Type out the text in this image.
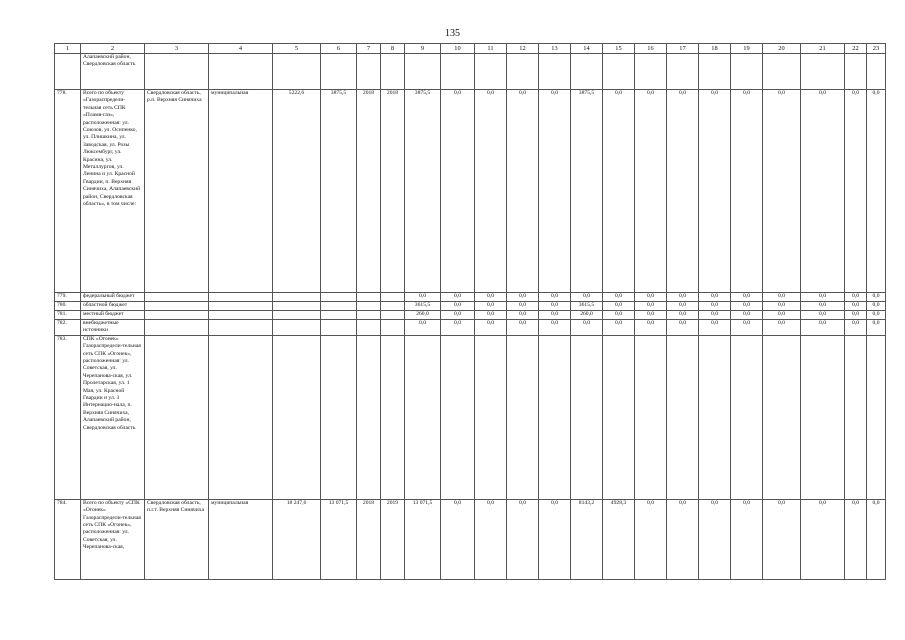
135
1	2	3	4	5	6	7	8	9	10	11	12	13	14	15	16	17	18	19	20	21	22	23
	Алапаевский район, Свердловская область																					
778.	Всего по объекту «Газораспредели-тельная сеть СПК «Пламя-газ», расположенная: ул. Союзов, ул. Осипенко, ул. Плишкина, ул. Заводская, ул. Розы Люксембург, ул. Красина, ул. Металлургов, ул. Ленина и ул. Красной Гвардии, п. Верхняя Синячиха, Алапаевский район, Свердловская область», в том числе:	Свердловская область, р.п. Верхняя Синячиха	муниципальная	5222,6	3875,5	2018	2018	3875,5	0,0	0,0	0,0	0,0	3875,5	0,0	0,0	0,0	0,0	0,0	0,0	0,0	0,0	0,0
779.	федеральный бюджет							0,0	0,0	0,0	0,0	0,0	0,0	0,0	0,0	0,0	0,0	0,0	0,0	0,0	0,0	0,0
780.	областной бюджет							3615,5	0,0	0,0	0,0	0,0	3615,5	0,0	0,0	0,0	0,0	0,0	0,0	0,0	0,0	0,0
781.	местный бюджет							260,0	0,0	0,0	0,0	0,0	260,0	0,0	0,0	0,0	0,0	0,0	0,0	0,0	0,0	0,0
782.	внебюджетные источники							0,0	0,0	0,0	0,0	0,0	0,0	0,0	0,0	0,0	0,0	0,0	0,0	0,0	0,0	0,0
783.	СПК «Огонек» Газораспредели-тельная сеть СПК «Огонек», расположенная: ул. Советская, ул. Черепанова-ская, ул. Пролетарская, ул. 1 Мая, ул. Красной Гвардии и ул. 3 Интернацио-нала, п. Верхняя Синячиха, Алапаевский район, Свердловская область																					
784.	Всего по объекту «СПК «Огонек» Газораспредели-тельная сеть СПК «Огонек», расположенная: ул. Советская, ул. Черепанова-ская,	Свердловская область, п.г.т. Верхняя Синячиха	муниципальная	18 247,6	13 071,5	2018	2019	13 071,5	0,0	0,0	0,0	0,0	8143,2	4928,3	0,0	0,0	0,0	0,0	0,0	0,0	0,0	0,0
